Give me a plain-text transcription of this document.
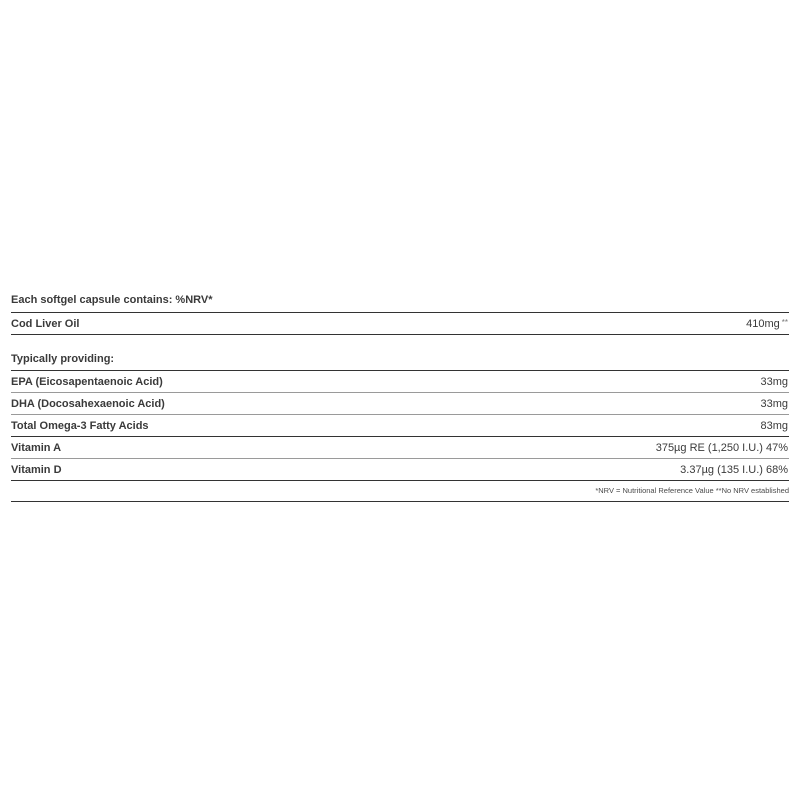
Each softgel capsule contains: %NRV*
Cod Liver Oil	410mg **
Typically providing:
EPA (Eicosapentaenoic Acid)	33mg
DHA (Docosahexaenoic Acid)	33mg
Total Omega-3 Fatty Acids	83mg
Vitamin A	375µg RE (1,250 I.U.) 47%
Vitamin D	3.37µg (135 I.U.) 68%
*NRV = Nutritional Reference Value **No NRV established
